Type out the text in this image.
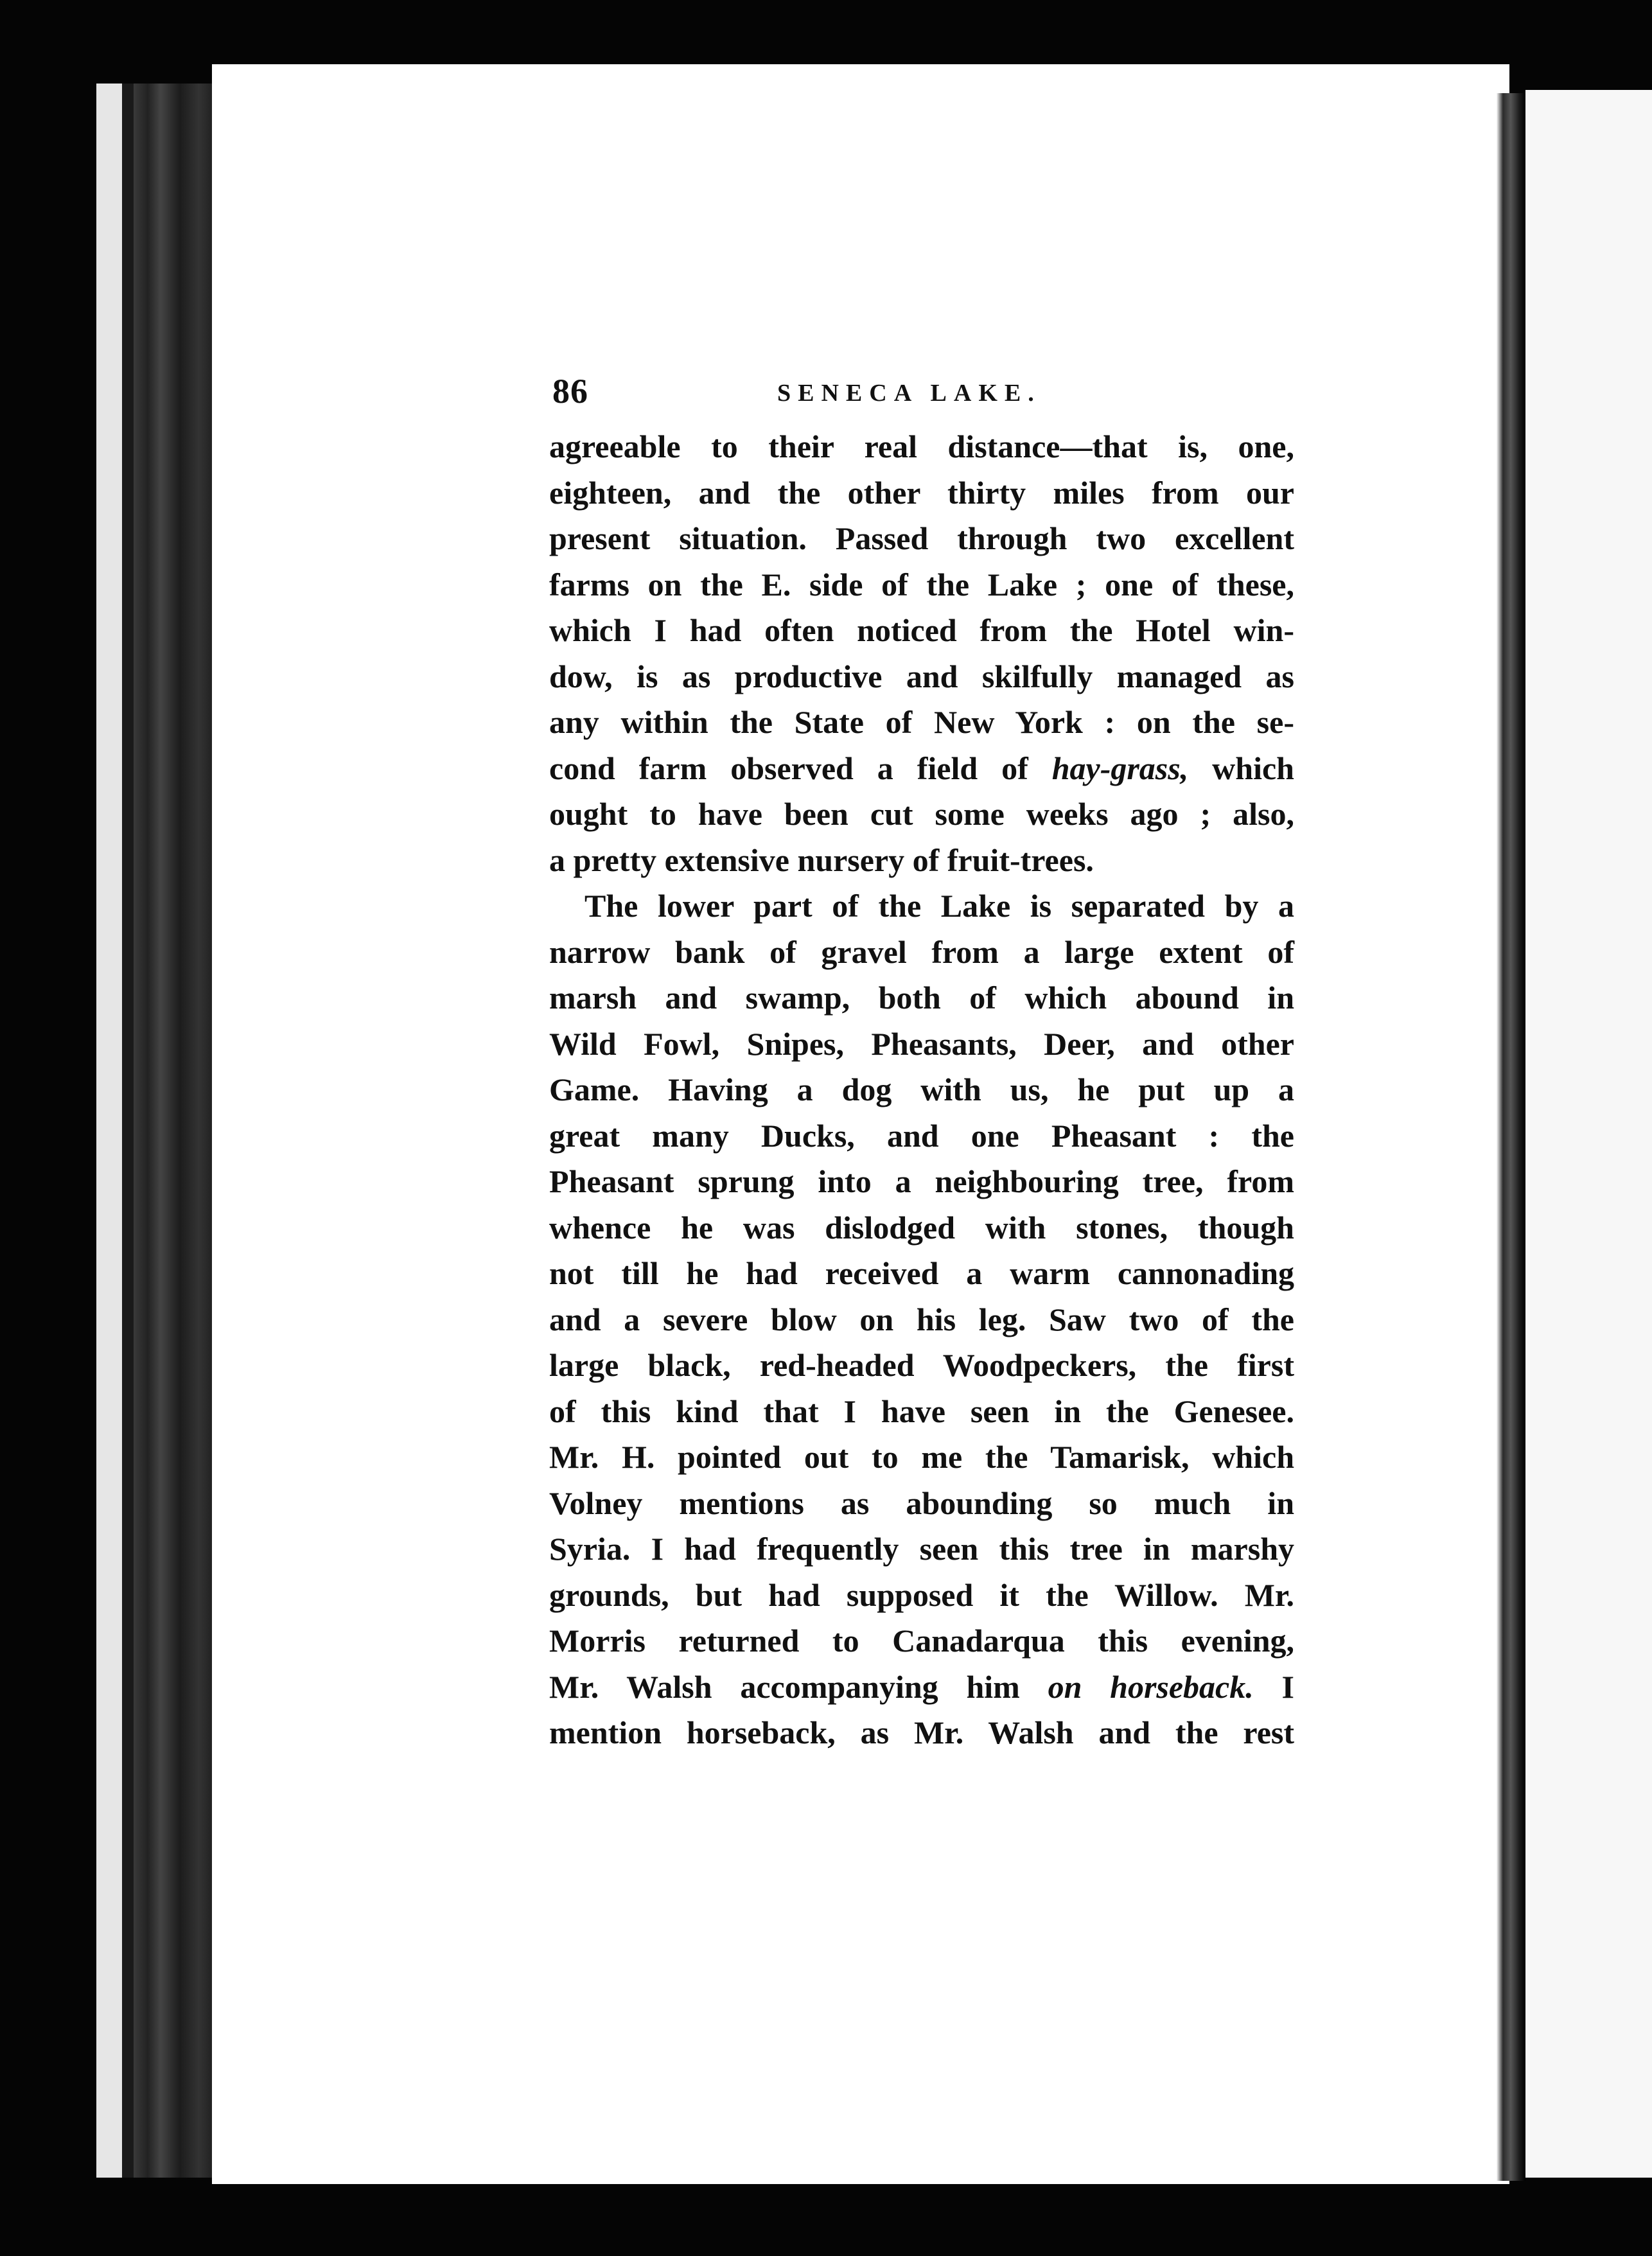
86	SENECA LAKE.

agreeable to their real distance—that is, one,
eighteen, and the other thirty miles from our
present situation. Passed through two excellent
farms on the E. side of the Lake ; one of these,
which I had often noticed from the Hotel win-
dow, is as productive and skilfully managed as
any within the State of New York : on the se-
cond farm observed a field of hay-grass, which
ought to have been cut some weeks ago ; also,
a pretty extensive nursery of fruit-trees.

The lower part of the Lake is separated by a
narrow bank of gravel from a large extent of
marsh and swamp, both of which abound in
Wild Fowl, Snipes, Pheasants, Deer, and other
Game. Having a dog with us, he put up a
great many Ducks, and one Pheasant : the
Pheasant sprung into a neighbouring tree, from
whence he was dislodged with stones, though
not till he had received a warm cannonading
and a severe blow on his leg. Saw two of the
large black, red-headed Woodpeckers, the first
of this kind that I have seen in the Genesee.
Mr. H. pointed out to me the Tamarisk, which
Volney mentions as abounding so much in
Syria. I had frequently seen this tree in marshy
grounds, but had supposed it the Willow. Mr.
Morris returned to Canadarqua this evening,
Mr. Walsh accompanying him on horseback. I
mention horseback, as Mr. Walsh and the rest
